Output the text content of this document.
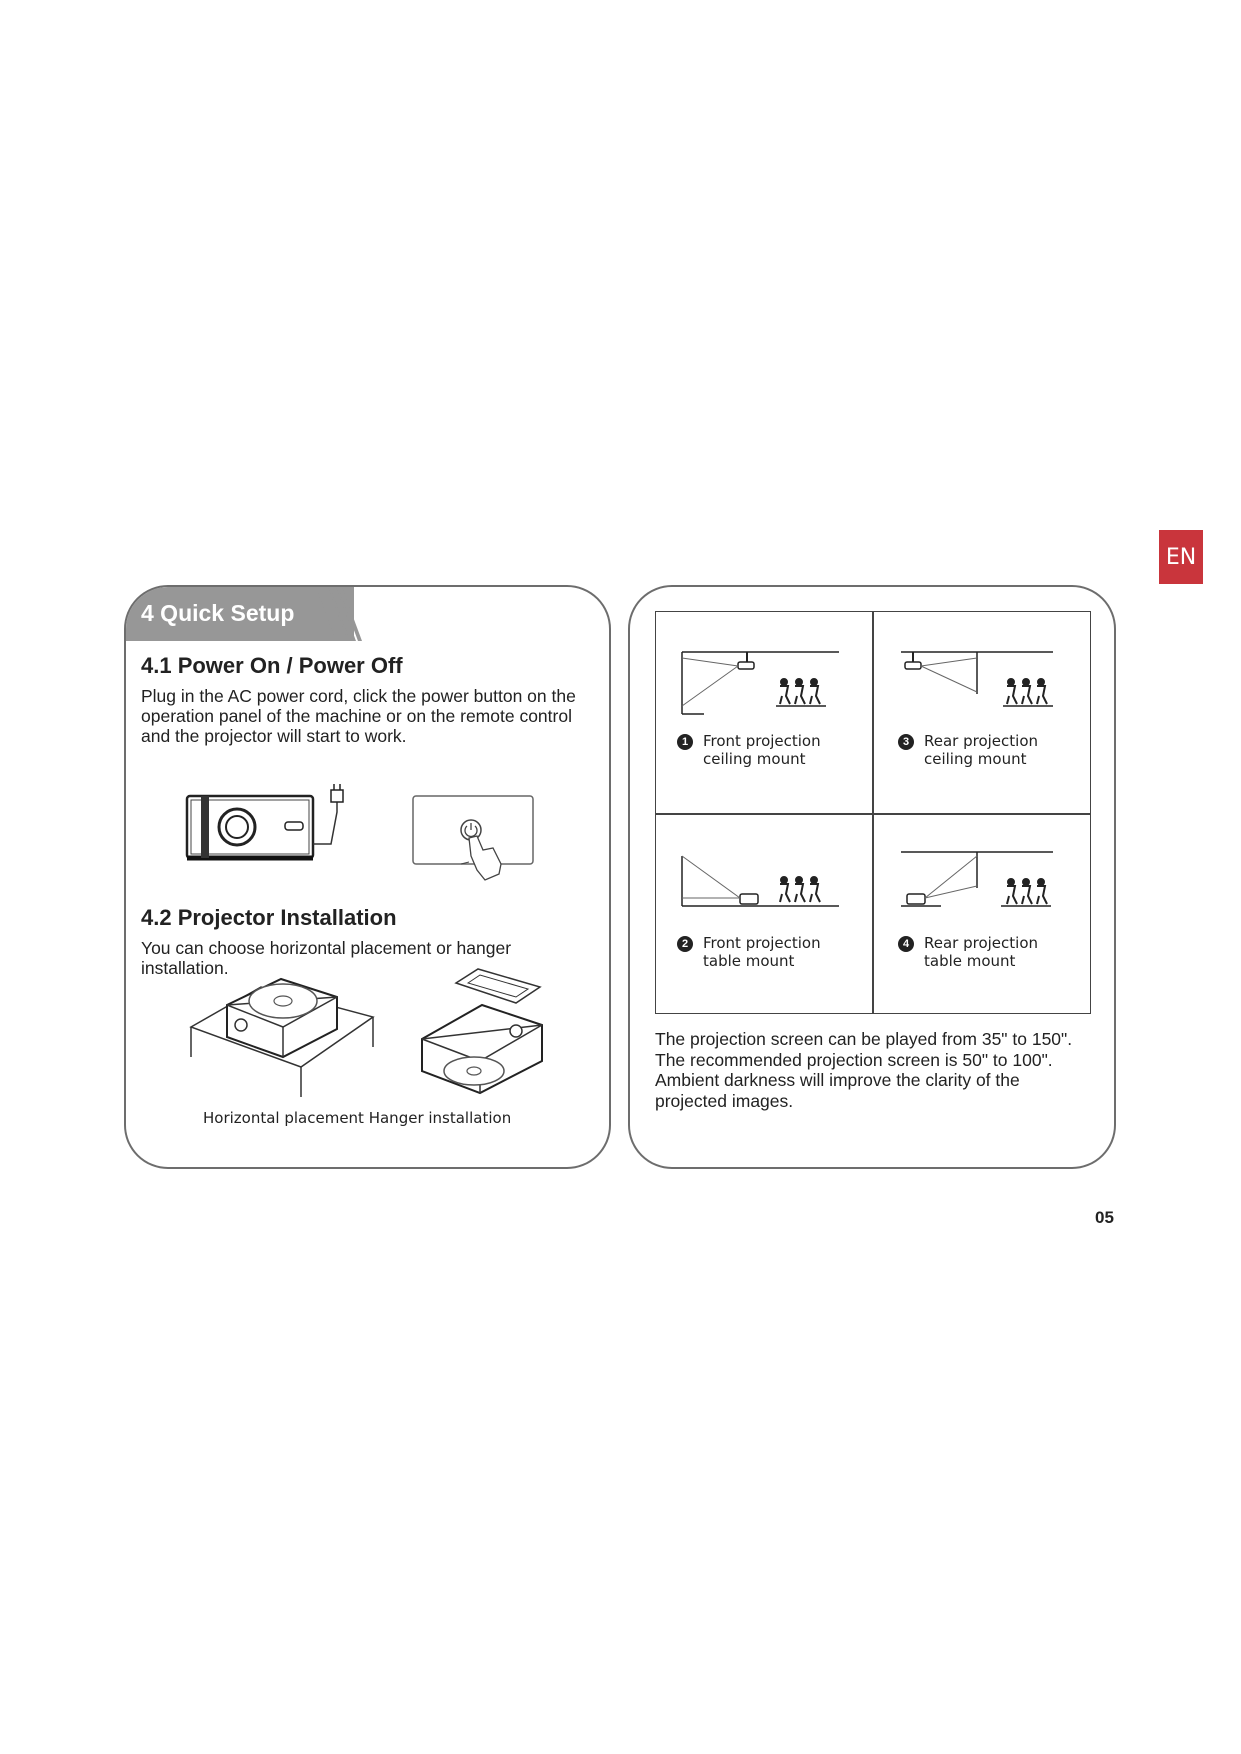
EN
4 Quick Setup
4.1 Power On / Power Off
Plug in the AC power cord, click the power button on the
operation panel of the machine or on the remote control
and the projector will start to work.
4.2 Projector Installation
You can choose horizontal placement or hanger
installation.
Horizontal placement Hanger installation
1 Front projection
ceiling mount
3 Rear projection
ceiling mount
2 Front projection
table mount
4 Rear projection
table mount
The projection screen can be played from 35" to 150".
The recommended projection screen is 50" to 100".
Ambient darkness will improve the clarity of the
projected images.
05
